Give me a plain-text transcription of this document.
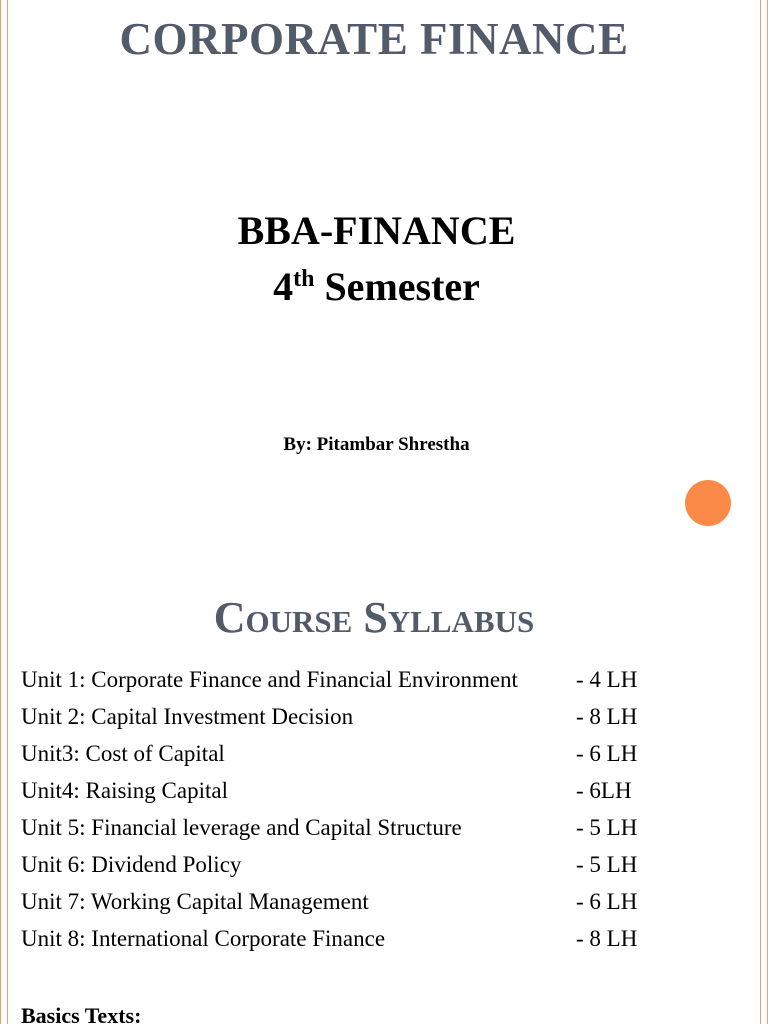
CORPORATE FINANCE
BBA-FINANCE
4th Semester
By: Pitambar Shrestha
Course Syllabus
Unit 1: Corporate Finance and Financial Environment	- 4 LH
Unit 2: Capital Investment Decision	- 8 LH
Unit3: Cost of Capital	- 6 LH
Unit4: Raising Capital	- 6LH
Unit 5: Financial leverage and Capital Structure	- 5 LH
Unit 6: Dividend Policy	- 5 LH
Unit 7: Working Capital Management	- 6 LH
Unit 8: International Corporate Finance	- 8 LH
Basics Texts:
